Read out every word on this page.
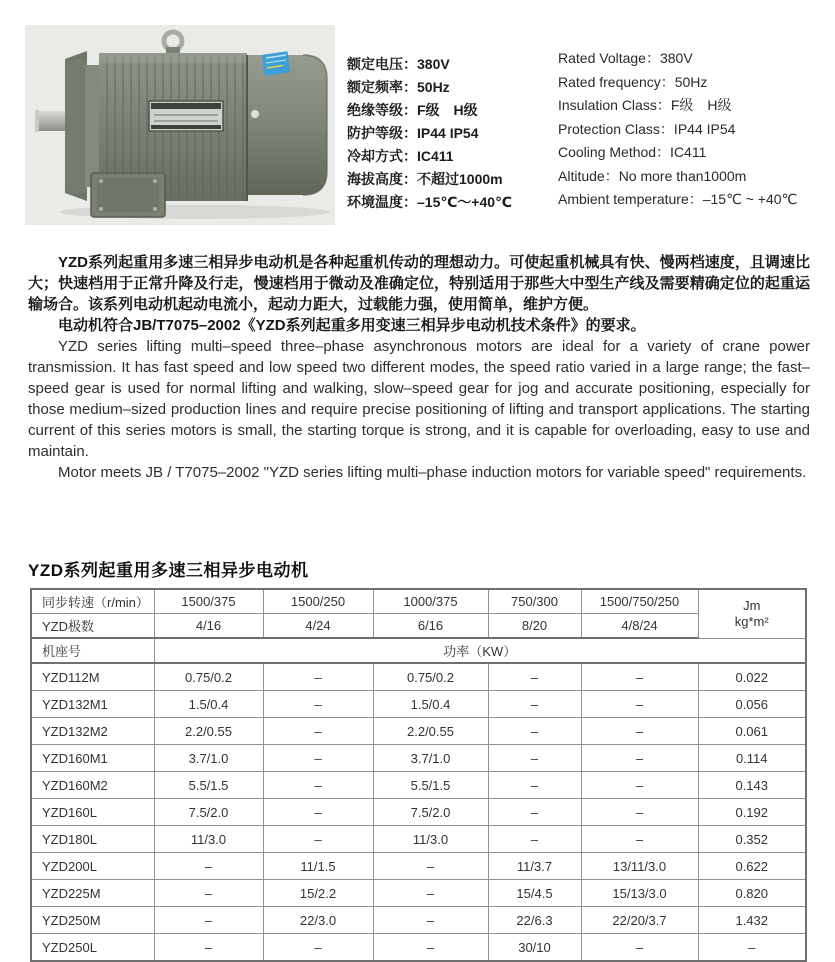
额定电压：380V
额定频率：50Hz
绝缘等级：F级　H级
防护等级：IP44 IP54
冷却方式：IC411
海拔高度：不超过1000m
环境温度：–15℃～+40℃
Rated Voltage：380V
Rated frequency：50Hz
Insulation Class：F级　H级
Protection Class：IP44 IP54
Cooling Method：IC411
Altitude：No more than1000m
Ambient temperature：–15℃ ~ +40℃

YZD系列起重用多速三相异步电动机是各种起重机传动的理想动力。可使起重机械具有快、慢两档速度，且调速比大；快速档用于正常升降及行走，慢速档用于微动及准确定位，特别适用于那些大中型生产线及需要精确定位的起重运输场合。该系列电动机起动电流小，起动力距大，过载能力强，使用简单，维护方便。

电动机符合JB/T7075–2002《YZD系列起重多用变速三相异步电动机技术条件》的要求。

YZD series lifting multi–speed three–phase asynchronous motors are ideal for a variety of crane power transmission. It has fast speed and low speed two different modes, the speed ratio varied in a large range; the fast–speed gear is used for normal lifting and walking, slow–speed gear for jog and accurate positioning, especially for those medium–sized production lines and require precise positioning of lifting and transport applications. The starting current of this series motors is small, the starting torque is strong, and it is capable for overloading, easy to use and maintain.

Motor meets JB / T7075–2002 "YZD series lifting multi–phase induction motors for variable speed" requirements.

YZD系列起重用多速三相异步电动机
同步转速（r/min）	1500/375	1500/250	1000/375	750/300	1500/750/250	Jm
kg*m²

YZD极数	4/16	4/24	6/16	8/20	4/8/24	
机座号	功率（KW）					
YZD112M	0.75/0.2	–	0.75/0.2	–	–	0.022
YZD132M1	1.5/0.4	–	1.5/0.4	–	–	0.056
YZD132M2	2.2/0.55	–	2.2/0.55	–	–	0.061
YZD160M1	3.7/1.0	–	3.7/1.0	–	–	0.114
YZD160M2	5.5/1.5	–	5.5/1.5	–	–	0.143
YZD160L	7.5/2.0	–	7.5/2.0	–	–	0.192
YZD180L	11/3.0	–	11/3.0	–	–	0.352
YZD200L	–	11/1.5	–	11/3.7	13/11/3.0	0.622
YZD225M	–	15/2.2	–	15/4.5	15/13/3.0	0.820
YZD250M	–	22/3.0	–	22/6.3	22/20/3.7	1.432
YZD250L	–	–	–	30/10	–	–
